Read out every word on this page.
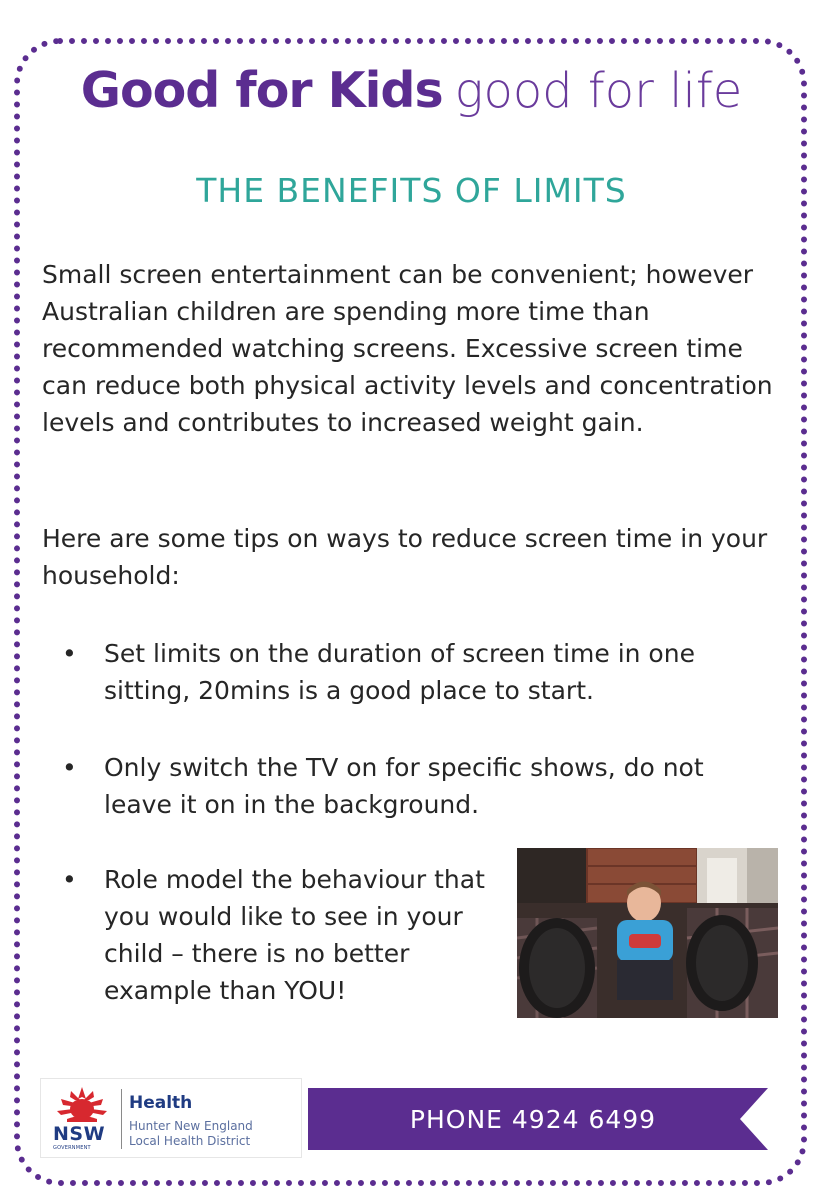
Good for Kids good for life
THE BENEFITS OF LIMITS

Small screen entertainment can be convenient; however Australian children are spending more time than recommended watching screens. Excessive screen time can reduce both physical activity levels and concentration levels and contributes to increased weight gain.

Here are some tips on ways to reduce screen time in your household:

• Set limits on the duration of screen time in one sitting, 20mins is a good place to start.
• Only switch the TV on for specific shows, do not leave it on in the background.
• Role model the behaviour that you would like to see in your child – there is no better example than YOU!
NSW
GOVERNMENT
Health
Hunter New England
Local Health District
PHONE 4924 6499
